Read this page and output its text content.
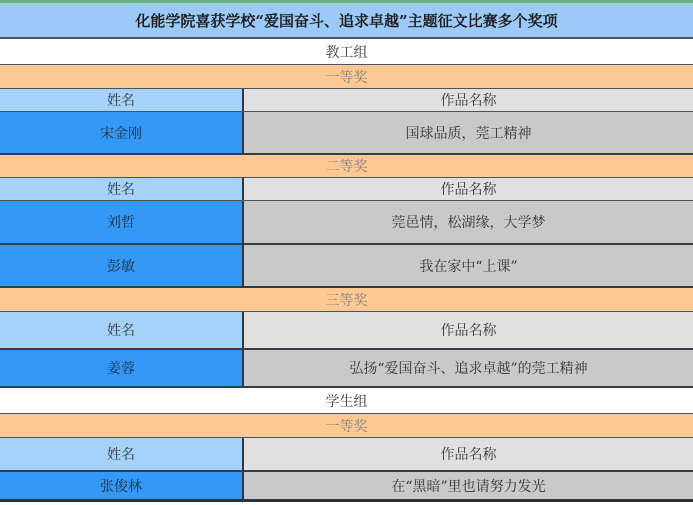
化能学院喜获学校“爱国奋斗、追求卓越”主题征文比赛多个奖项
教工组
一等奖
姓名	作品名称
宋金刚	国球品质，莞工精神
二等奖
姓名	作品名称
刘哲	莞邑情，松湖缘，大学梦
彭敏	我在家中“上课”
三等奖
姓名	作品名称
姜蓉	弘扬“爱国奋斗、追求卓越”的莞工精神
学生组
一等奖
姓名	作品名称
张俊林	在“黑暗”里也请努力发光
